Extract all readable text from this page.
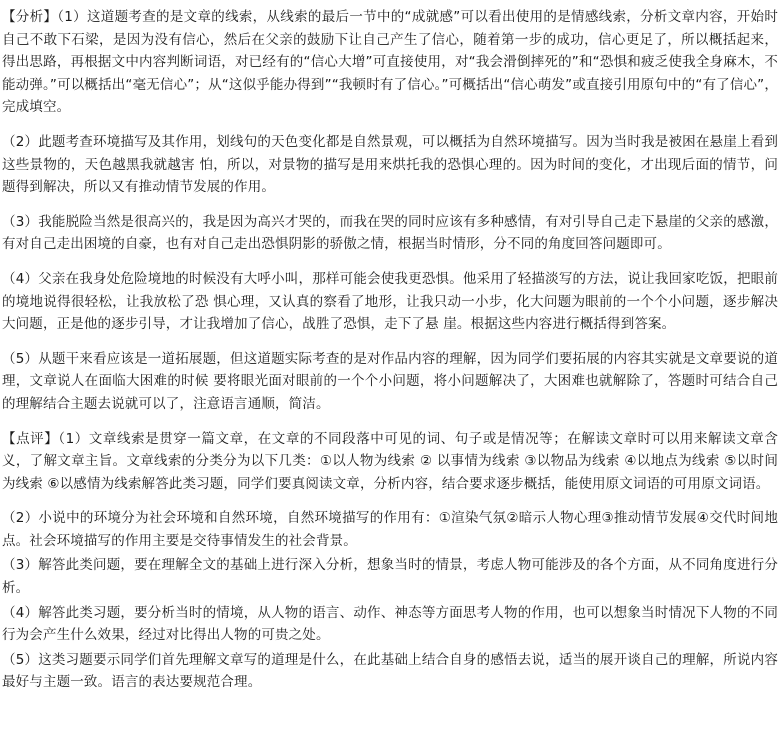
【分析】（1）这道题考查的是文章的线索，从线索的最后一节中的“成就感”可以看出使用的是情感线索，分析文章内容，开始时自己不敢下石梁，是因为没有信心，然后在父亲的鼓励下让自己产生了信心，随着第一步的成功，信心更足了，所以概括起来，得出思路，再根据文中内容判断词语，对已经有的“信心大增”可直接使用，对“我会滑倒摔死的”和“恐惧和疲乏使我全身麻木，不能动弹。”可以概括出“毫无信心”；从“这似乎能办得到”“我顿时有了信心。”可概括出“信心萌发”或直接引用原句中的“有了信心”，完成填空。

（2）此题考查环境描写及其作用，划线句的天色变化都是自然景观，可以概括为自然环境描写。因为当时我是被困在悬崖上看到这些景物的，天色越黑我就越害 怕，所以，对景物的描写是用来烘托我的恐惧心理的。因为时间的变化，才出现后面的情节，问题得到解决，所以又有推动情节发展的作用。

（3）我能脱险当然是很高兴的，我是因为高兴才哭的，而我在哭的同时应该有多种感情，有对引导自己走下悬崖的父亲的感激，有对自己走出困境的自豪，也有对自己走出恐惧阴影的骄傲之情，根据当时情形，分不同的角度回答问题即可。

（4）父亲在我身处危险境地的时候没有大呼小叫，那样可能会使我更恐惧。他采用了轻描淡写的方法，说让我回家吃饭，把眼前的境地说得很轻松，让我放松了恐 惧心理，又认真的察看了地形，让我只动一小步，化大问题为眼前的一个个小问题，逐步解决大问题，正是他的逐步引导，才让我增加了信心，战胜了恐惧，走下了悬 崖。根据这些内容进行概括得到答案。

（5）从题干来看应该是一道拓展题，但这道题实际考查的是对作品内容的理解，因为同学们要拓展的内容其实就是文章要说的道理，文章说人在面临大困难的时候 要将眼光面对眼前的一个个小问题，将小问题解决了，大困难也就解除了，答题时可结合自己的理解结合主题去说就可以了，注意语言通顺，简洁。

【点评】（1）文章线索是贯穿一篇文章，在文章的不同段落中可见的词、句子或是情况等；在解读文章时可以用来解读文章含义，了解文章主旨。文章线索的分类分为以下几类：①以人物为线索 ② 以事情为线索 ③以物品为线索 ④以地点为线索 ⑤以时间为线索 ⑥以感情为线索解答此类习题，同学们要真阅读文章，分析内容，结合要求逐步概括，能使用原文词语的可用原文词语。

（2）小说中的环境分为社会环境和自然环境，自然环境描写的作用有：①渲染气氛②暗示人物心理③推动情节发展④交代时间地点。社会环境描写的作用主要是交待事情发生的社会背景。

（3）解答此类问题，要在理解全文的基础上进行深入分析，想象当时的情景，考虑人物可能涉及的各个方面，从不同角度进行分析。

（4）解答此类习题，要分析当时的情境，从人物的语言、动作、神态等方面思考人物的作用，也可以想象当时情况下人物的不同行为会产生什么效果，经过对比得出人物的可贵之处。

（5）这类习题要示同学们首先理解文章写的道理是什么，在此基础上结合自身的感悟去说，适当的展开谈自己的理解，所说内容最好与主题一致。语言的表达要规范合理。
